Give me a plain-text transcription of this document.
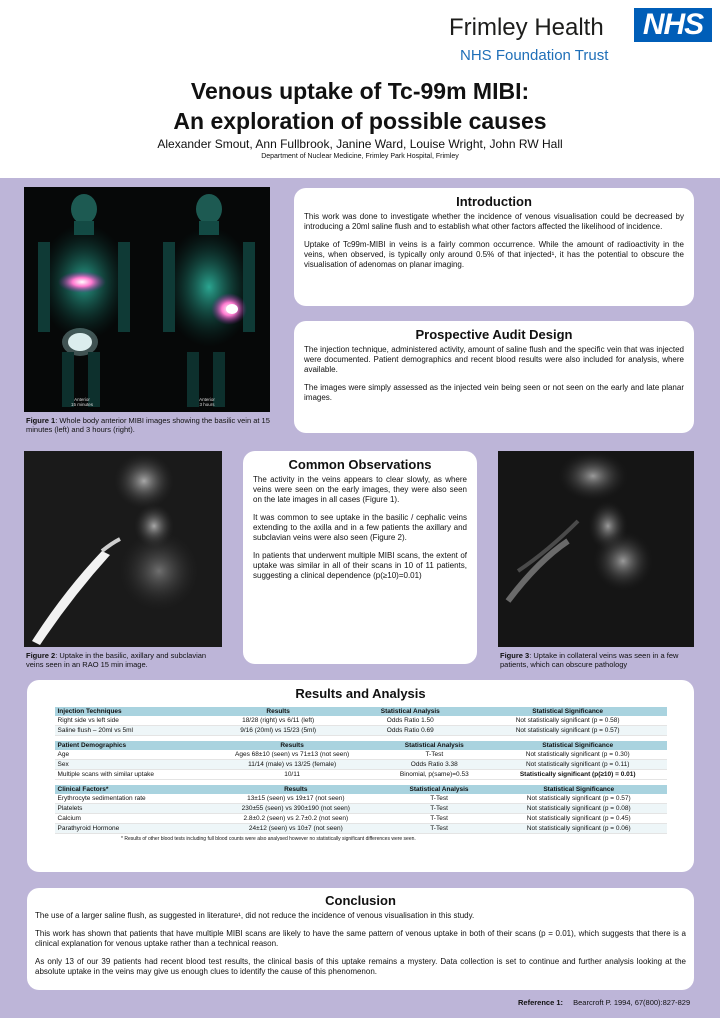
Frimley Health
NHS Foundation Trust
NHS
Venous uptake of Tc-99m MIBI:
An exploration of possible causes
Alexander Smout, Ann Fullbrook, Janine Ward, Louise Wright, John RW Hall
Department of Nuclear Medicine, Frimley Park Hospital, Frimley
Anterior
15 minutes
Anterior
3 hours
Figure 1: Whole body anterior MIBI images showing the basilic vein at 15 minutes (left) and 3 hours (right).
Introduction

This work was done to investigate whether the incidence of venous visualisation could be decreased by introducing a 20ml saline flush and to establish what other factors affected the likelihood of incidence.

Uptake of Tc99m-MIBI in veins is a fairly common occurrence. While the amount of radioactivity in the veins, when observed, is typically only around 0.5% of that injected¹, it has the potential to obscure the visualisation of adenomas on planar imaging.

Prospective Audit Design

The injection technique, administered activity, amount of saline flush and the specific vein that was injected were documented. Patient demographics and recent blood results were also included for analysis, where available.

The images were simply assessed as the injected vein being seen or not seen on the early and late planar images.

Figure 2: Uptake in the basilic, axillary and subclavian veins seen in an RAO 15 min image.
Common Observations

The activity in the veins appears to clear slowly, as where veins were seen on the early images, they were also seen on the late images in all cases (Figure 1).

It was common to see uptake in the basilic / cephalic veins extending to the axilla and in a few patients the axillary and subclavian veins were also seen (Figure 2).

In patients that underwent multiple MIBI scans, the extent of uptake was similar in all of their scans in 10 of 11 patients, suggesting a clinical dependence (p(≥10)=0.01)

Figure 3: Uptake in collateral veins was seen in a few patients, which can obscure pathology
Results and Analysis
Injection Techniques	Results	Statistical Analysis	Statistical Significance
Right side vs left side	18/28 (right) vs 6/11 (left)	Odds Ratio 1.50	Not statistically significant (p = 0.58)
Saline flush – 20ml vs 5ml	9/16 (20ml) vs 15/23 (5ml)	Odds Ratio 0.69	Not statistically significant (p = 0.57)
Patient Demographics	Results	Statistical Analysis	Statistical Significance
Age	Ages 68±10 (seen) vs 71±13 (not seen)	T-Test	Not statistically significant (p = 0.30)
Sex	11/14 (male) vs 13/25 (female)	Odds Ratio 3.38	Not statistically significant (p = 0.11)
Multiple scans with similar uptake	10/11	Binomial, p(same)=0.53	Statistically significant (p(≥10) = 0.01)
Clinical Factors*	Results	Statistical Analysis	Statistical Significance
Erythrocyte sedimentation rate	13±15 (seen) vs 19±17 (not seen)	T-Test	Not statistically significant (p = 0.57)
Platelets	230±55 (seen) vs 390±190 (not seen)	T-Test	Not statistically significant (p = 0.08)
Calcium	2.8±0.2 (seen) vs 2.7±0.2 (not seen)	T-Test	Not statistically significant (p = 0.45)
Parathyroid Hormone	24±12 (seen) vs 10±7 (not seen)	T-Test	Not statistically significant (p = 0.06)
* Results of other blood tests including full blood counts were also analysed however no statistically significant differences were seen.
Conclusion

The use of a larger saline flush, as suggested in literature¹, did not reduce the incidence of venous visualisation in this study.

This work has shown that patients that have multiple MIBI scans are likely to have the same pattern of venous uptake in both of their scans (p = 0.01), which suggests that there is a clinical explanation for venous uptake rather than a technical reason.

As only 13 of our 39 patients had recent blood test results, the clinical basis of this uptake remains a mystery. Data collection is set to continue and further analysis looking at the absolute uptake in the veins may give us enough clues to identify the cause of this phenomenon.

Reference 1: Bearcroft P. 1994, 67(800):827-829
